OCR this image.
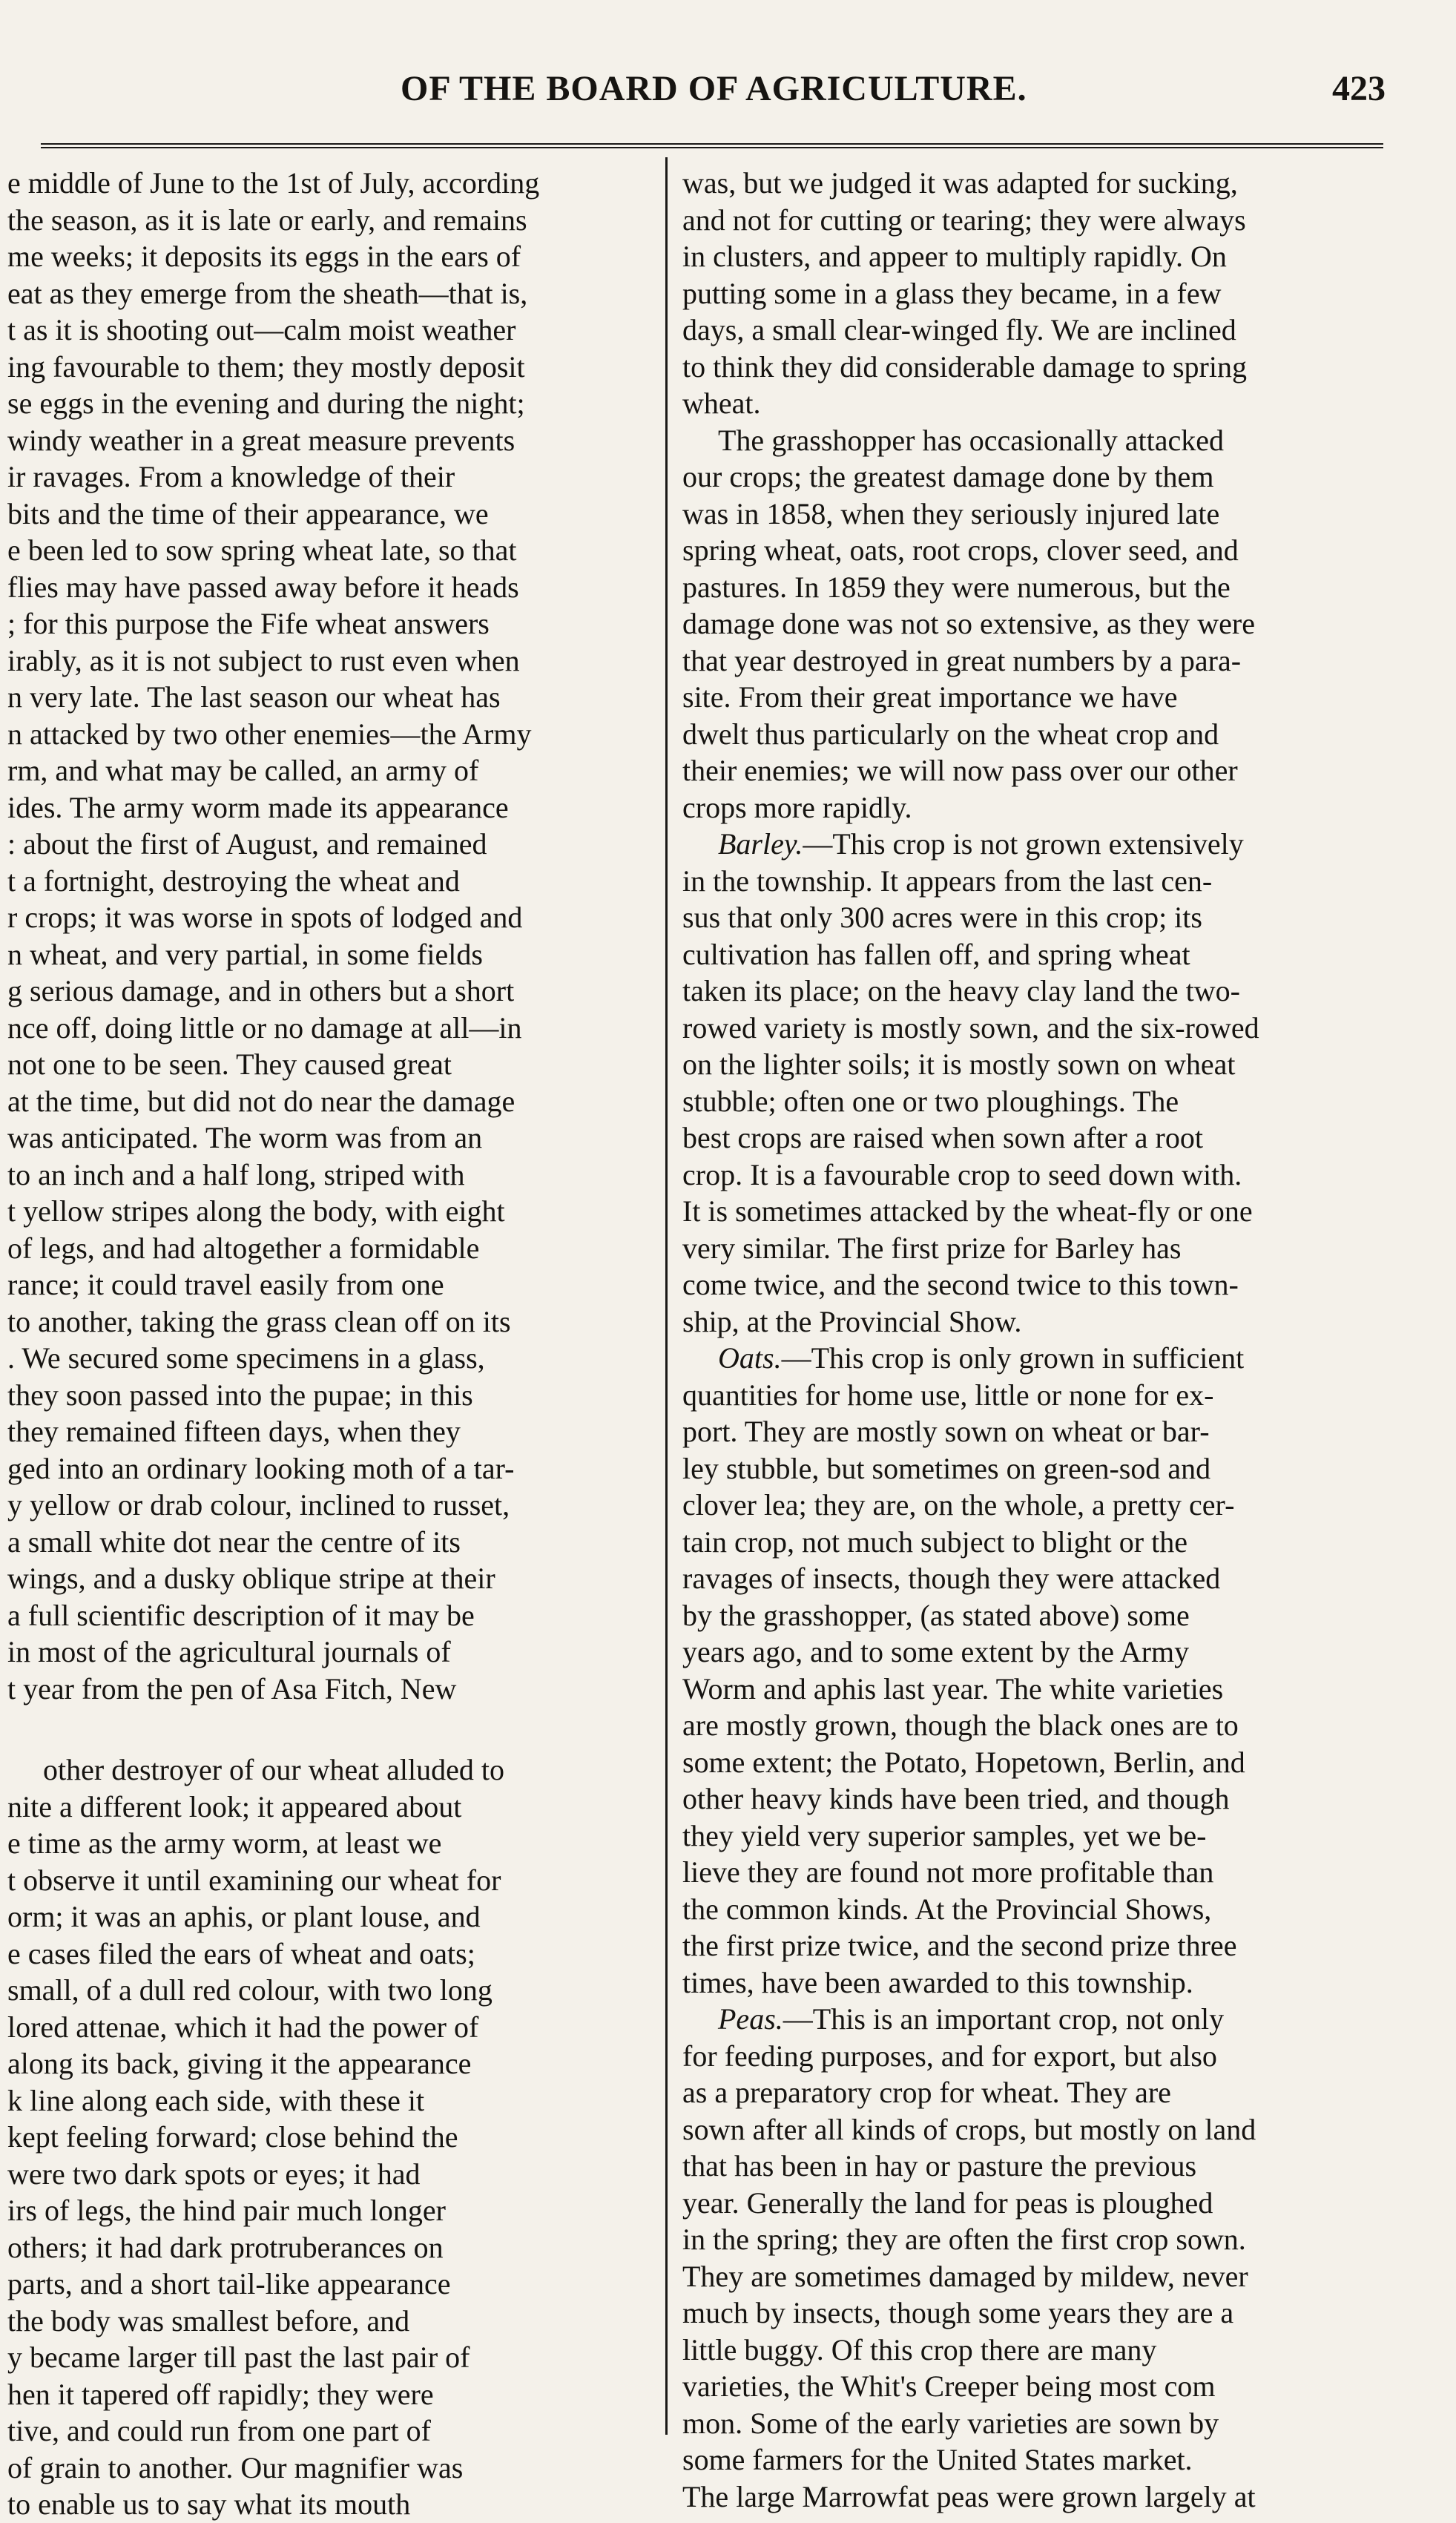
OF THE BOARD OF AGRICULTURE.	423
e middle of June to the 1st of July, according
the season, as it is late or early, and remains
me weeks; it deposits its eggs in the ears of
eat as they emerge from the sheath—that is,
t as it is shooting out—calm moist weather
ing favourable to them; they mostly deposit
se eggs in the evening and during the night;
windy weather in a great measure prevents
ir ravages. From a knowledge of their
bits and the time of their appearance, we
e been led to sow spring wheat late, so that
flies may have passed away before it heads
; for this purpose the Fife wheat answers
irably, as it is not subject to rust even when
n very late. The last season our wheat has
n attacked by two other enemies—the Army
rm, and what may be called, an army of
ides. The army worm made its appearance
: about the first of August, and remained
t a fortnight, destroying the wheat and
r crops; it was worse in spots of lodged and
n wheat, and very partial, in some fields
g serious damage, and in others but a short
nce off, doing little or no damage at all—in
not one to be seen. They caused great
at the time, but did not do near the damage
was anticipated. The worm was from an
to an inch and a half long, striped with
t yellow stripes along the body, with eight
of legs, and had altogether a formidable
rance; it could travel easily from one
to another, taking the grass clean off on its
. We secured some specimens in a glass,
they soon passed into the pupae; in this
they remained fifteen days, when they
ged into an ordinary looking moth of a tar-
y yellow or drab colour, inclined to russet,
a small white dot near the centre of its
wings, and a dusky oblique stripe at their
a full scientific description of it may be
in most of the agricultural journals of
t year from the pen of Asa Fitch, New
other destroyer of our wheat alluded to
nite a different look; it appeared about
e time as the army worm, at least we
t observe it until examining our wheat for
orm; it was an aphis, or plant louse, and
e cases filed the ears of wheat and oats;
small, of a dull red colour, with two long
lored attenae, which it had the power of
along its back, giving it the appearance
k line along each side, with these it
kept feeling forward; close behind the
were two dark spots or eyes; it had
irs of legs, the hind pair much longer
others; it had dark protruberances on
parts, and a short tail-like appearance
the body was smallest before, and
y became larger till past the last pair of
hen it tapered off rapidly; they were
tive, and could run from one part of
of grain to another. Our magnifier was
to enable us to say what its mouth
was, but we judged it was adapted for sucking,
and not for cutting or tearing; they were always
in clusters, and appeer to multiply rapidly. On
putting some in a glass they became, in a few
days, a small clear-winged fly. We are inclined
to think they did considerable damage to spring
wheat.
The grasshopper has occasionally attacked
our crops; the greatest damage done by them
was in 1858, when they seriously injured late
spring wheat, oats, root crops, clover seed, and
pastures. In 1859 they were numerous, but the
damage done was not so extensive, as they were
that year destroyed in great numbers by a para-
site. From their great importance we have
dwelt thus particularly on the wheat crop and
their enemies; we will now pass over our other
crops more rapidly.
Barley.—This crop is not grown extensively
in the township. It appears from the last cen-
sus that only 300 acres were in this crop; its
cultivation has fallen off, and spring wheat
taken its place; on the heavy clay land the two-
rowed variety is mostly sown, and the six-rowed
on the lighter soils; it is mostly sown on wheat
stubble; often one or two ploughings. The
best crops are raised when sown after a root
crop. It is a favourable crop to seed down with.
It is sometimes attacked by the wheat-fly or one
very similar. The first prize for Barley has
come twice, and the second twice to this town-
ship, at the Provincial Show.
Oats.—This crop is only grown in sufficient
quantities for home use, little or none for ex-
port. They are mostly sown on wheat or bar-
ley stubble, but sometimes on green-sod and
clover lea; they are, on the whole, a pretty cer-
tain crop, not much subject to blight or the
ravages of insects, though they were attacked
by the grasshopper, (as stated above) some
years ago, and to some extent by the Army
Worm and aphis last year. The white varieties
are mostly grown, though the black ones are to
some extent; the Potato, Hopetown, Berlin, and
other heavy kinds have been tried, and though
they yield very superior samples, yet we be-
lieve they are found not more profitable than
the common kinds. At the Provincial Shows,
the first prize twice, and the second prize three
times, have been awarded to this township.
Peas.—This is an important crop, not only
for feeding purposes, and for export, but also
as a preparatory crop for wheat. They are
sown after all kinds of crops, but mostly on land
that has been in hay or pasture the previous
year. Generally the land for peas is ploughed
in the spring; they are often the first crop sown.
They are sometimes damaged by mildew, never
much by insects, though some years they are a
little buggy. Of this crop there are many
varieties, the Whit's Creeper being most com
mon. Some of the early varieties are sown by
some farmers for the United States market.
The large Marrowfat peas were grown largely at
